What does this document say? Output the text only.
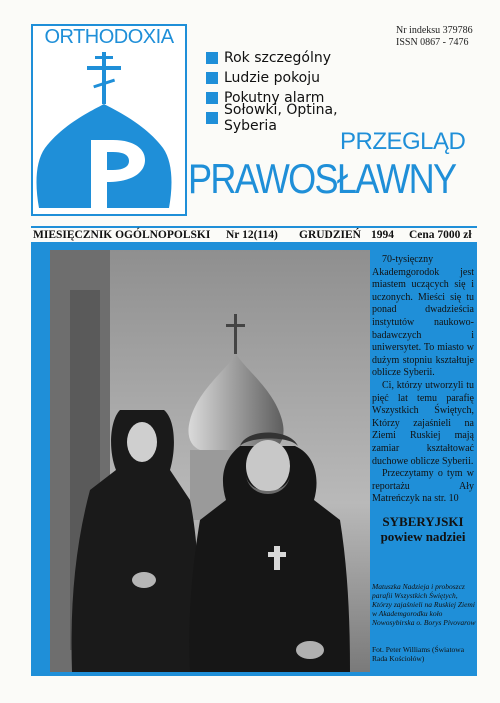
ORTHODOXIA
Rok szczególny
Ludzie pokoju
Pokutny alarm
Sołowki, Optina, Syberia
Nr indeksu 379786
ISSN 0867 - 7476
PRZEGLĄD
PRAWOSŁAWNY
MIESIĘCZNIK OGÓLNOPOLSKI Nr 12(114) GRUDZIEŃ 1994 Cena 7000 zł

70-tysięczny Akademgorodok jest miastem uczących się i uczonych. Mieści się tu ponad dwadzieścia instytutów naukowo-badawczych i uniwersytet. To miasto w dużym stopniu kształtuje oblicze Syberii.

Ci, którzy utworzyli tu pięć lat temu parafię Wszystkich Świętych, Którzy zajaśnieli na Ziemi Ruskiej mają zamiar kształtować duchowe oblicze Syberii.

Przeczytamy o tym w reportażu Ały Matreńczyk na str. 10

SYBERYJSKI
powiew nadziei
Matuszka Nadzieja i proboszcz parafii Wszystkich Świętych, Którzy zajaśnieli na Ruskiej Ziemi w Akademgorodku koło Nowosybirska o. Borys Pivovarow
Fot. Peter Williams (Światowa Rada Kościołów)
